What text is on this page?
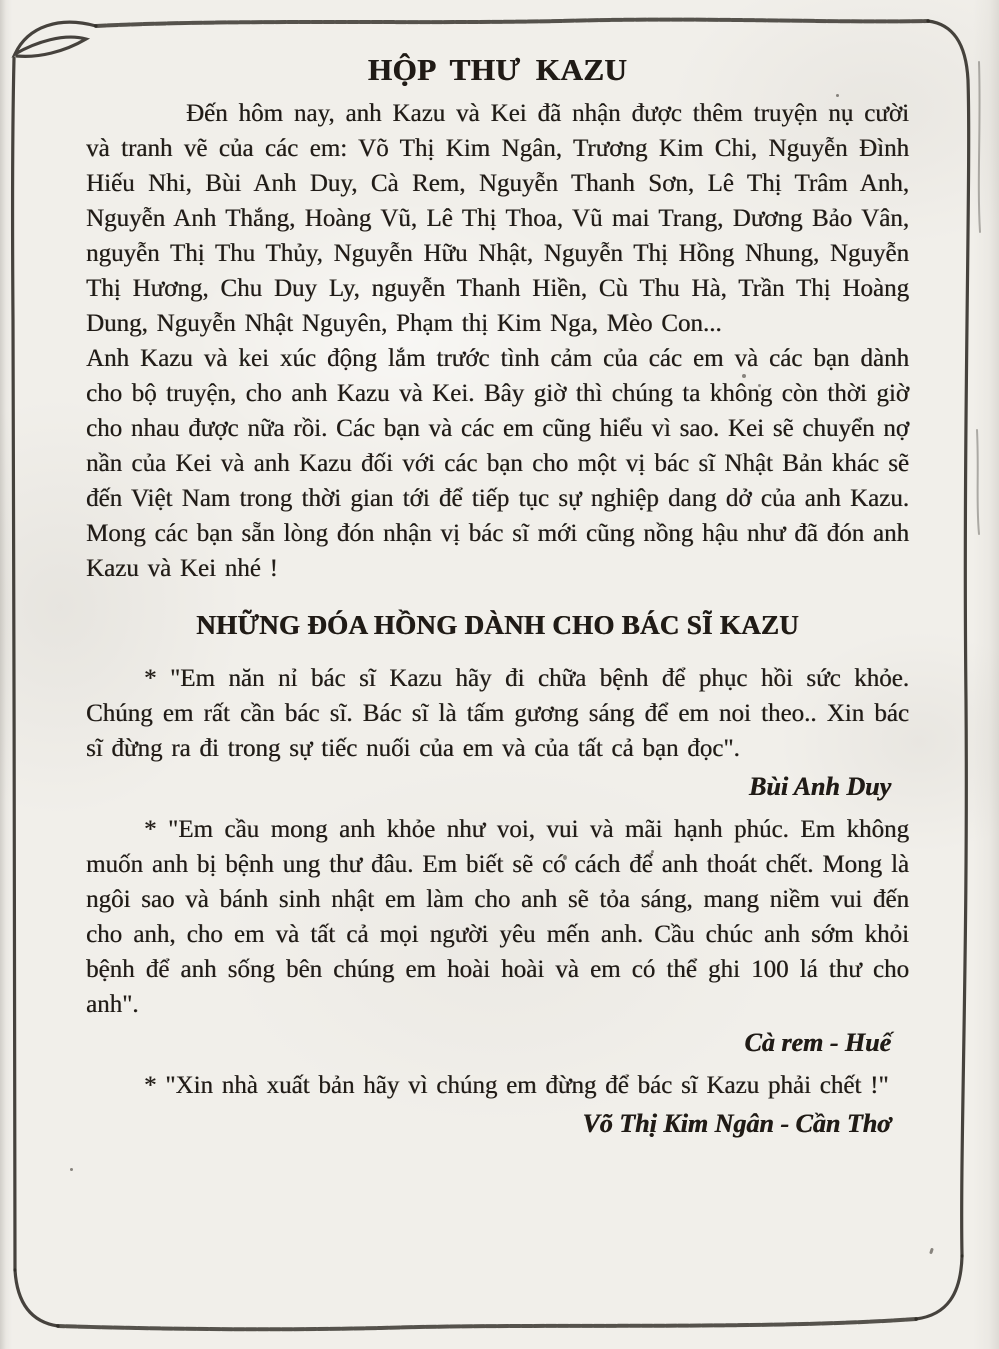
HỘP THƯ KAZU

Đến hôm nay, anh Kazu và Kei đã nhận được thêm truyện nụ cười và tranh vẽ của các em: Võ Thị Kim Ngân, Trương Kim Chi, Nguyễn Đình Hiếu Nhi, Bùi Anh Duy, Cà Rem, Nguyễn Thanh Sơn, Lê Thị Trâm Anh, Nguyễn Anh Thắng, Hoàng Vũ, Lê Thị Thoa, Vũ mai Trang, Dương Bảo Vân, nguyễn Thị Thu Thủy, Nguyễn Hữu Nhật, Nguyễn Thị Hồng Nhung, Nguyễn Thị Hương, Chu Duy Ly, nguyễn Thanh Hiền, Cù Thu Hà, Trần Thị Hoàng Dung, Nguyễn Nhật Nguyên, Phạm thị Kim Nga, Mèo Con...

Anh Kazu và kei xúc động lắm trước tình cảm của các em và các bạn dành cho bộ truyện, cho anh Kazu và Kei. Bây giờ thì chúng ta không còn thời giờ cho nhau được nữa rồi. Các bạn và các em cũng hiểu vì sao. Kei sẽ chuyển nợ nần của Kei và anh Kazu đối với các bạn cho một vị bác sĩ Nhật Bản khác sẽ đến Việt Nam trong thời gian tới để tiếp tục sự nghiệp dang dở của anh Kazu. Mong các bạn sẵn lòng đón nhận vị bác sĩ mới cũng nồng hậu như đã đón anh Kazu và Kei nhé !

NHỮNG ĐÓA HỒNG DÀNH CHO BÁC SĨ KAZU

* "Em năn nỉ bác sĩ Kazu hãy đi chữa bệnh để phục hồi sức khỏe. Chúng em rất cần bác sĩ. Bác sĩ là tấm gương sáng để em noi theo.. Xin bác sĩ đừng ra đi trong sự tiếc nuối của em và của tất cả bạn đọc".

Bùi Anh Duy

* "Em cầu mong anh khỏe như voi, vui và mãi hạnh phúc. Em không muốn anh bị bệnh ung thư đâu. Em biết sẽ có cách để anh thoát chết. Mong là ngôi sao và bánh sinh nhật em làm cho anh sẽ tỏa sáng, mang niềm vui đến cho anh, cho em và tất cả mọi người yêu mến anh. Cầu chúc anh sớm khỏi bệnh để anh sống bên chúng em hoài hoài và em có thể ghi 100 lá thư cho anh".

Cà rem - Huế

* "Xin nhà xuất bản hãy vì chúng em đừng để bác sĩ Kazu phải chết !"

Võ Thị Kim Ngân - Cần Thơ
